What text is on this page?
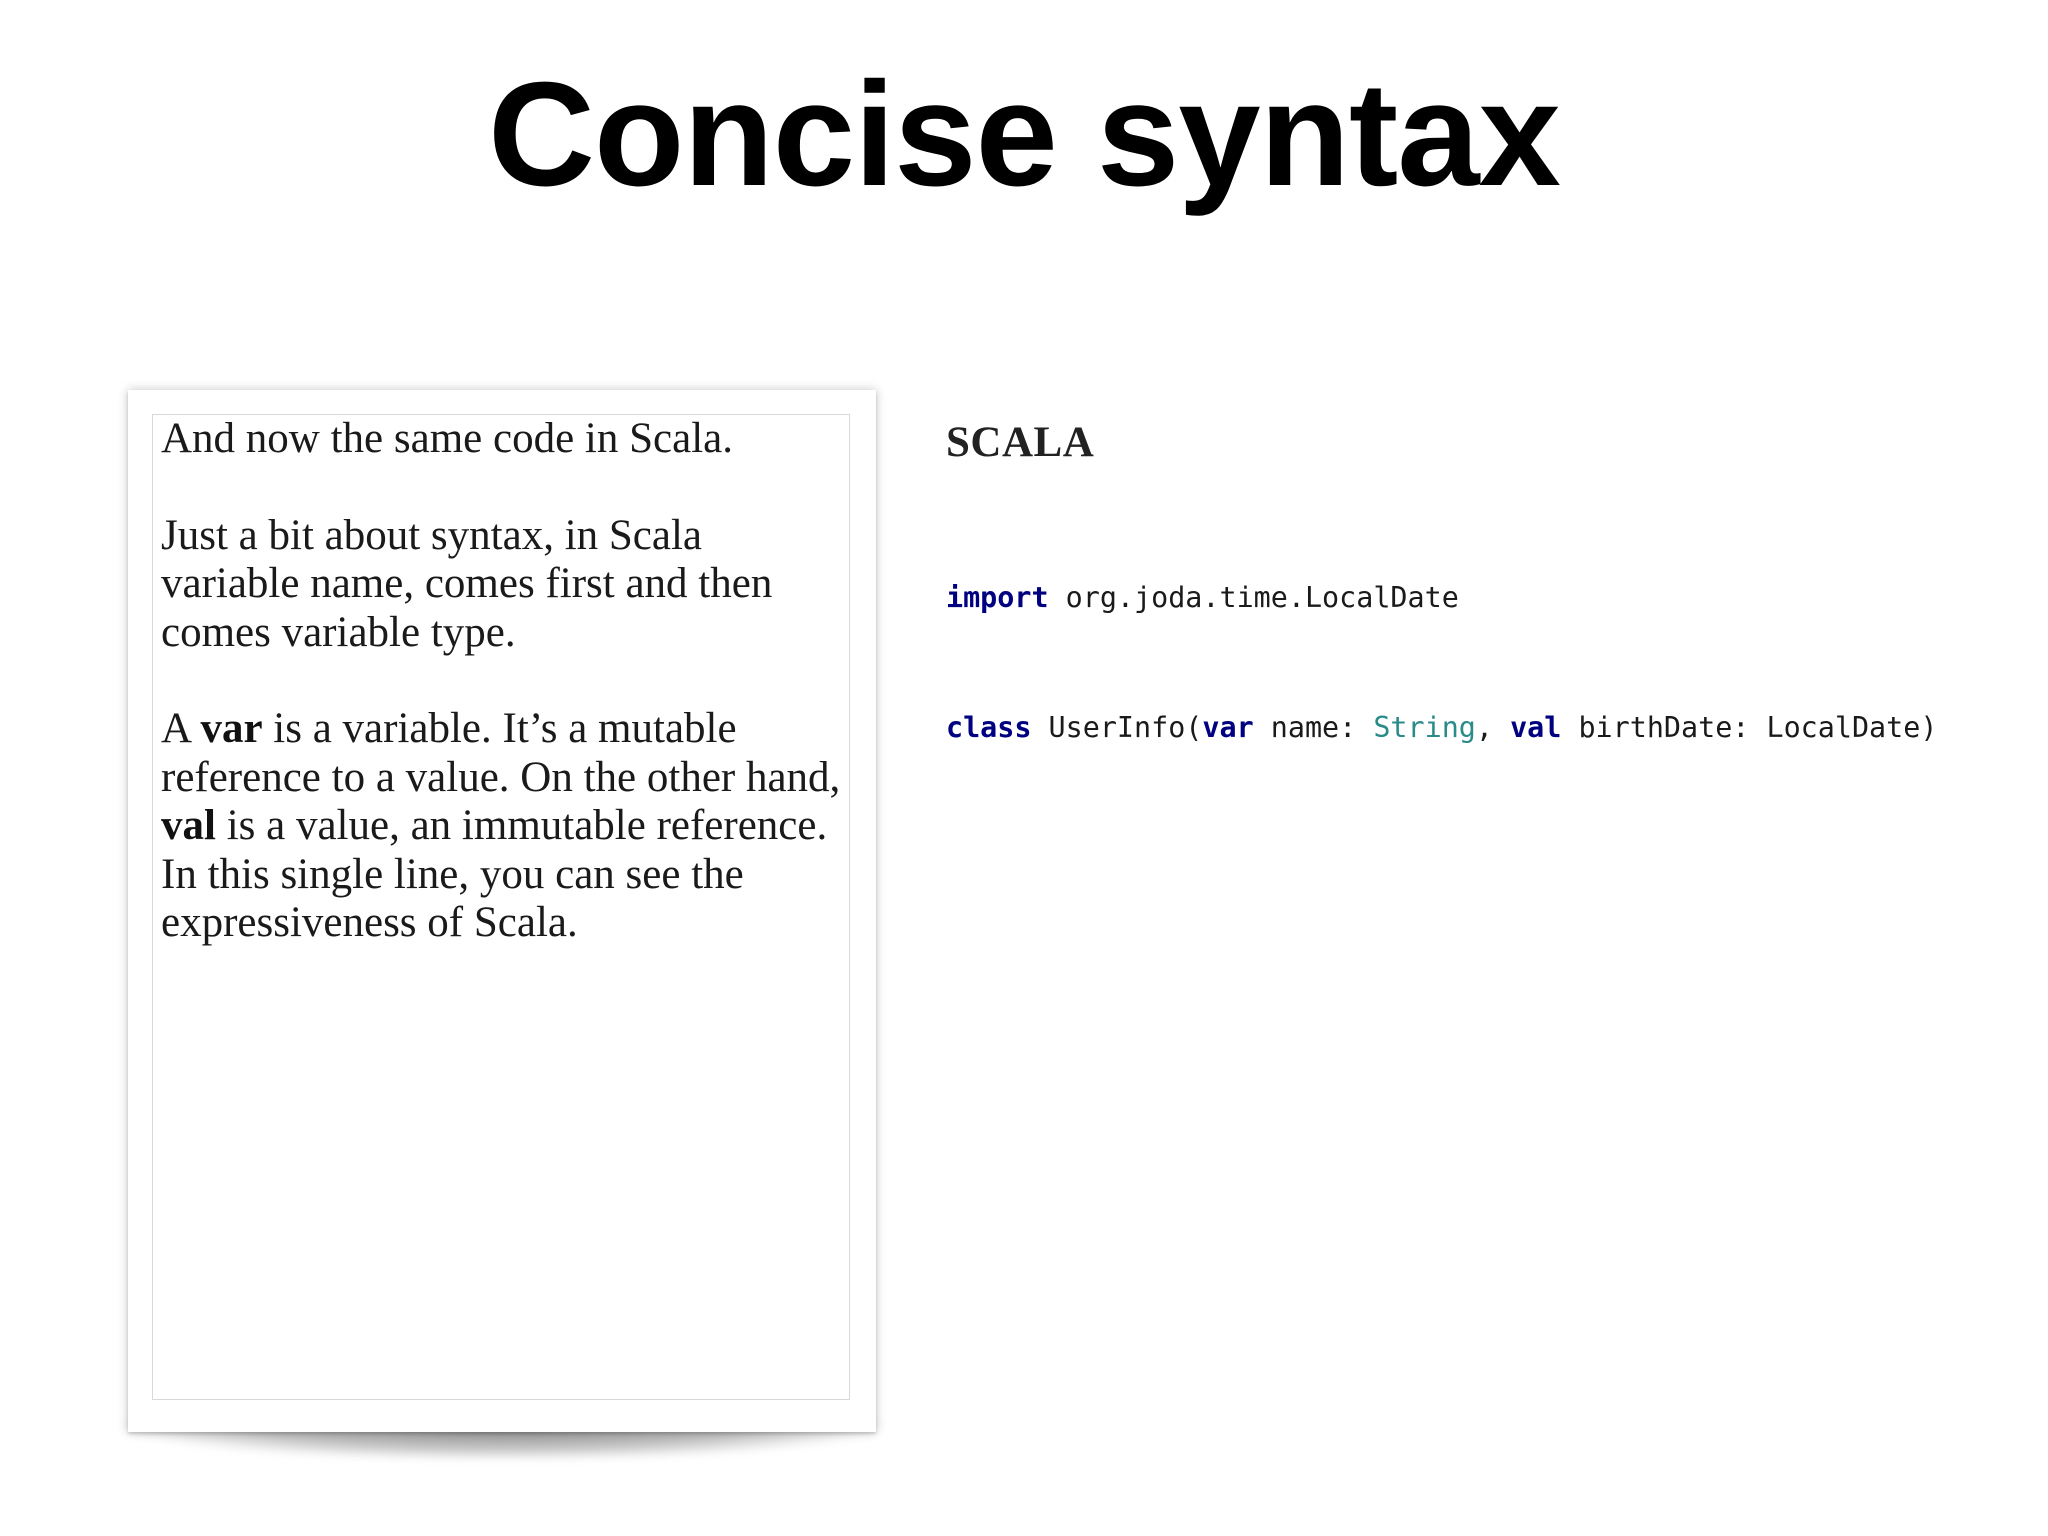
Concise syntax

And now the same code in Scala.

Just a bit about syntax, in Scala variable name, comes first and then comes variable type.

A var is a variable. It’s a mutable reference to a value. On the other hand, val is a value, an immutable reference. In this single line, you can see the expressiveness of Scala.

SCALA

import org.joda.time.LocalDate

class UserInfo(var name: String, val birthDate: LocalDate)
